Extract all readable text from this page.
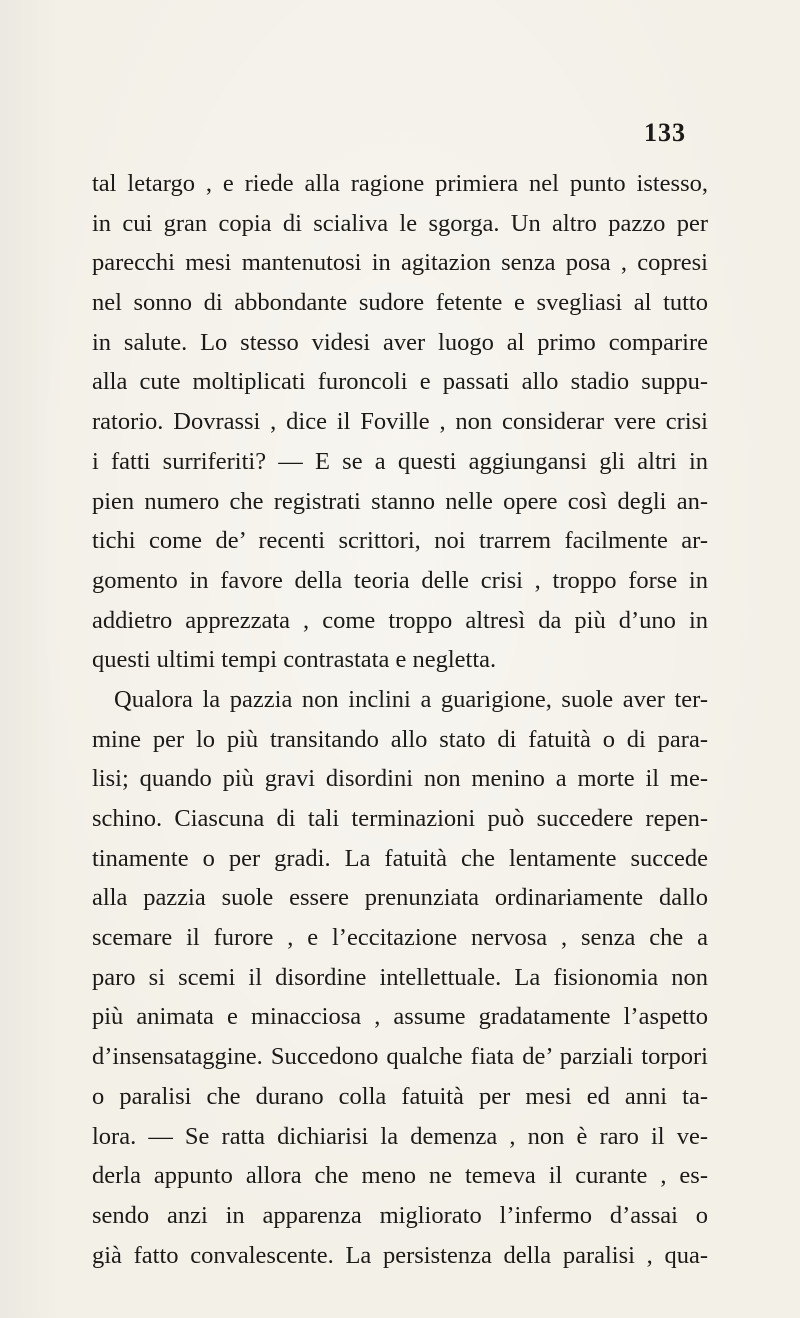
133
tal letargo , e riede alla ragione primiera nel punto istesso,
in cui gran copia di scialiva le sgorga. Un altro pazzo per
parecchi mesi mantenutosi in agitazion senza posa , copresi
nel sonno di abbondante sudore fetente e svegliasi al tutto
in salute. Lo stesso videsi aver luogo al primo comparire
alla cute moltiplicati furoncoli e passati allo stadio suppu-
ratorio. Dovrassi , dice il Foville , non considerar vere crisi
i fatti surriferiti? — E se a questi aggiungansi gli altri in
pien numero che registrati stanno nelle opere così degli an-
tichi come de’ recenti scrittori, noi trarrem facilmente ar-
gomento in favore della teoria delle crisi , troppo forse in
addietro apprezzata , come troppo altresì da più d’uno in
questi ultimi tempi contrastata e negletta.
Qualora la pazzia non inclini a guarigione, suole aver ter-
mine per lo più transitando allo stato di fatuità o di para-
lisi; quando più gravi disordini non menino a morte il me-
schino. Ciascuna di tali terminazioni può succedere repen-
tinamente o per gradi. La fatuità che lentamente succede
alla pazzia suole essere prenunziata ordinariamente dallo
scemare il furore , e l’eccitazione nervosa , senza che a
paro si scemi il disordine intellettuale. La fisionomia non
più animata e minacciosa , assume gradatamente l’aspetto
d’insensataggine. Succedono qualche fiata de’ parziali torpori
o paralisi che durano colla fatuità per mesi ed anni ta-
lora. — Se ratta dichiarisi la demenza , non è raro il ve-
derla appunto allora che meno ne temeva il curante , es-
sendo anzi in apparenza migliorato l’infermo d’assai o
già fatto convalescente. La persistenza della paralisi , qua-
